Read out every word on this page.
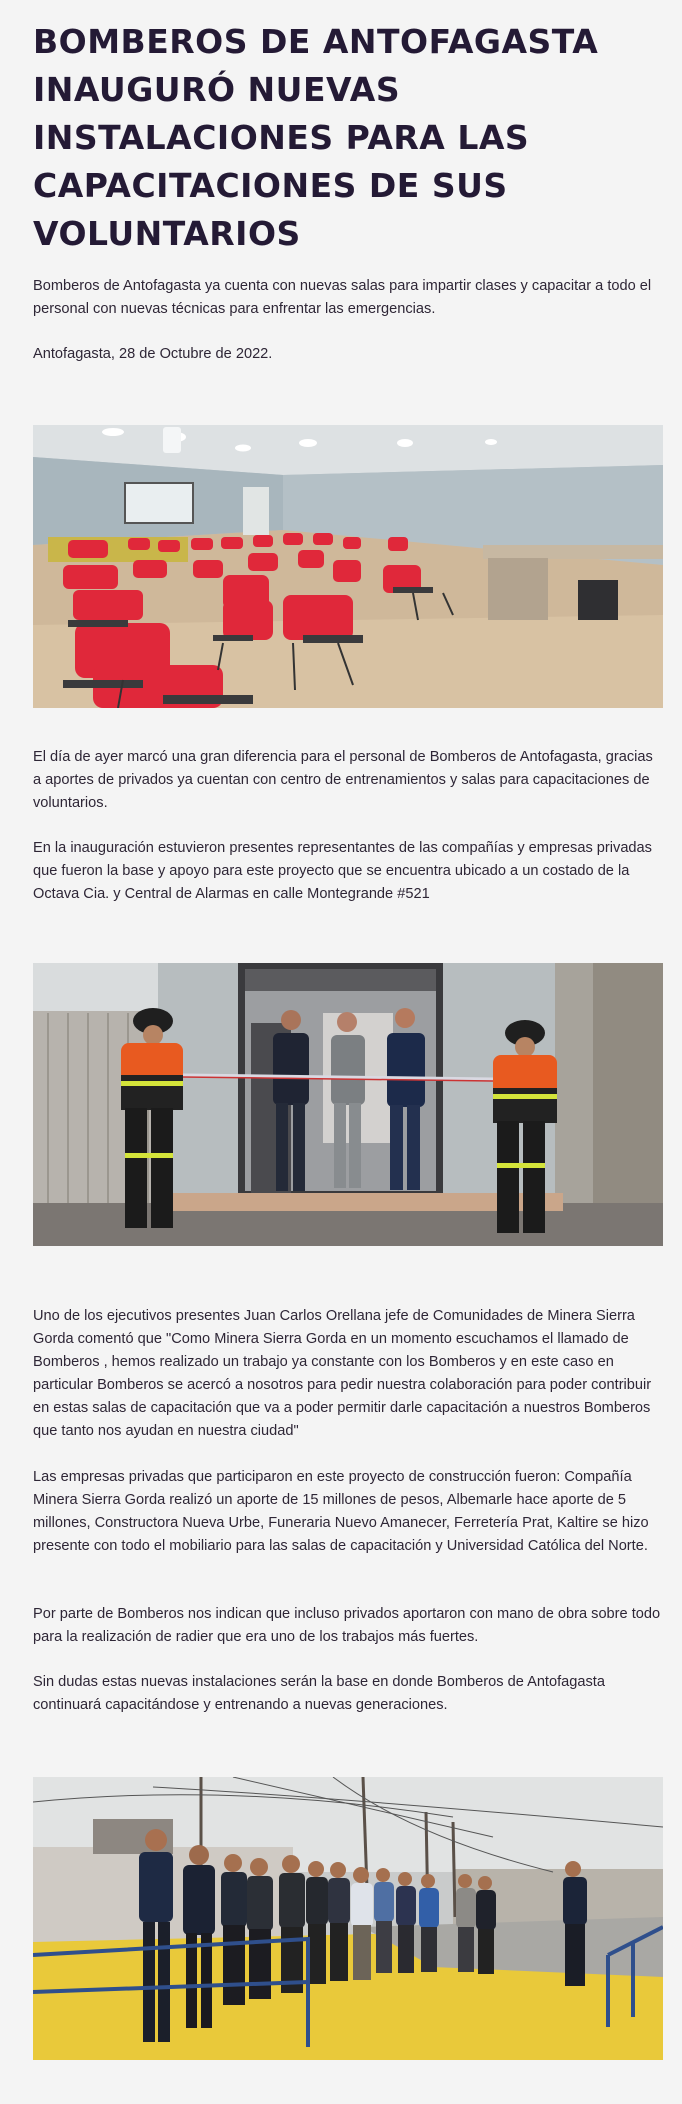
BOMBEROS DE ANTOFAGASTA INAUGURÓ NUEVAS INSTALACIONES PARA LAS CAPACITACIONES DE SUS VOLUNTARIOS

Bomberos de Antofagasta ya cuenta con nuevas salas para impartir clases y capacitar a todo el personal con nuevas técnicas para enfrentar las emergencias.

Antofagasta, 28 de Octubre de 2022.

El día de ayer marcó una gran diferencia para el personal de Bomberos de Antofagasta, gracias a aportes de privados ya cuentan con centro de entrenamientos y salas para capacitaciones de voluntarios.

En la inauguración estuvieron presentes representantes de las compañías y empresas privadas que fueron la base y apoyo para este proyecto que se encuentra ubicado a un costado de la Octava Cia. y Central de Alarmas en calle Montegrande #521

Uno de los ejecutivos presentes Juan Carlos Orellana jefe de Comunidades de Minera Sierra Gorda comentó que "Como Minera Sierra Gorda en un momento escuchamos el llamado de Bomberos , hemos realizado un trabajo ya constante con los Bomberos y en este caso en particular Bomberos se acercó a nosotros para pedir nuestra colaboración para poder contribuir en estas salas de capacitación que va a poder permitir darle capacitación a nuestros Bomberos que tanto nos ayudan en nuestra ciudad"

Las empresas privadas que participaron en este proyecto de construcción fueron: Compañía Minera Sierra Gorda realizó un aporte de 15 millones de pesos, Albemarle hace aporte de 5 millones, Constructora Nueva Urbe, Funeraria Nuevo Amanecer, Ferretería Prat, Kaltire se hizo presente con todo el mobiliario para las salas de capacitación y Universidad Católica del Norte.

Por parte de Bomberos nos indican que incluso privados aportaron con mano de obra sobre todo para la realización de radier que era uno de los trabajos más fuertes.

Sin dudas estas nuevas instalaciones serán la base en donde Bomberos de Antofagasta continuará capacitándose y entrenando a nuevas generaciones.
